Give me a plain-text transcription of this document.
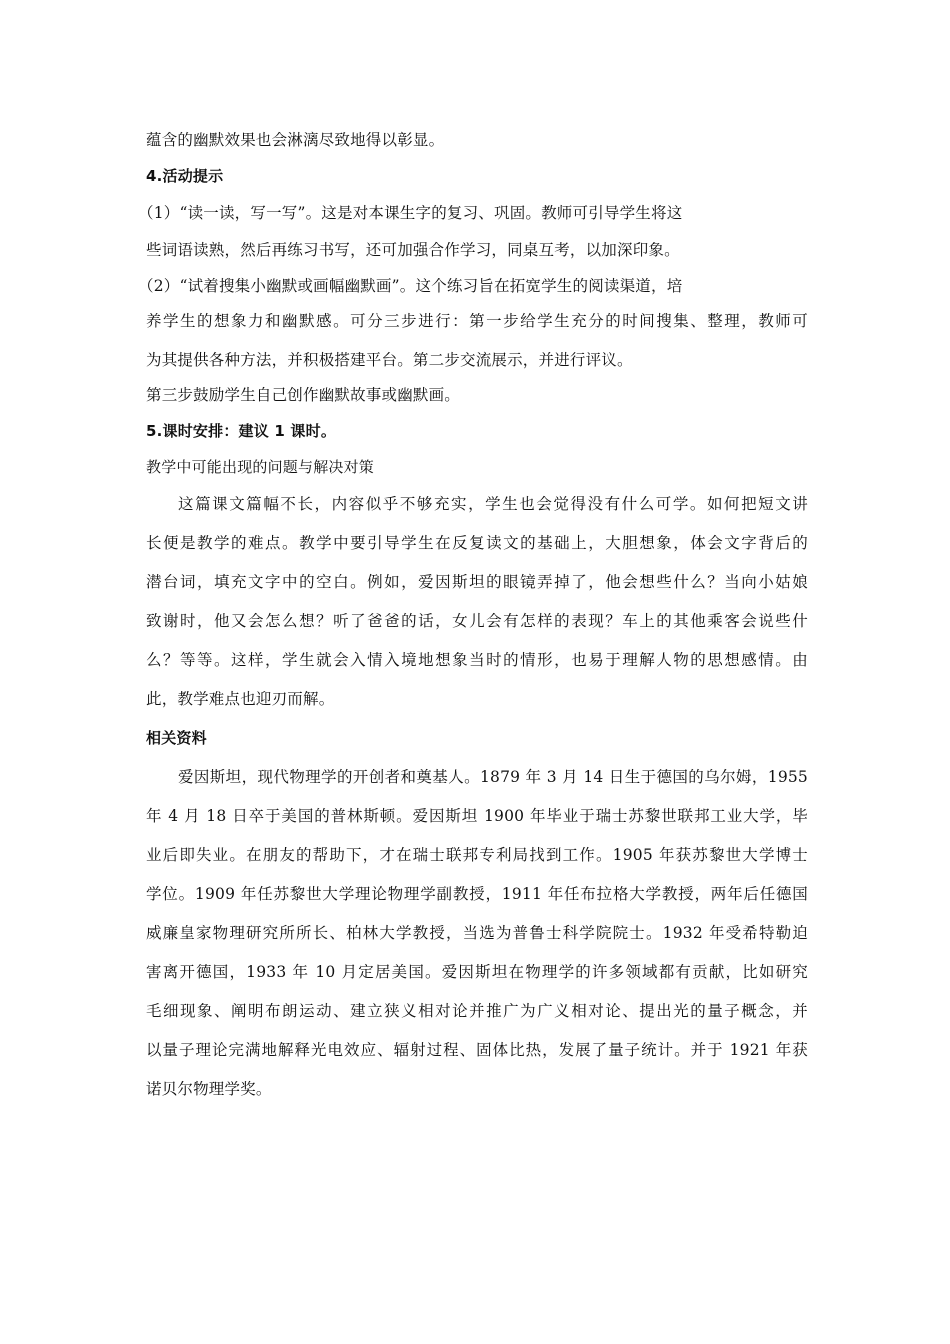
蕴含的幽默效果也会淋漓尽致地得以彰显。
4.活动提示
（1）“读一读，写一写”。这是对本课生字的复习、巩固。教师可引导学生将这
些词语读熟，然后再练习书写，还可加强合作学习，同桌互考，以加深印象。
（2）“试着搜集小幽默或画幅幽默画”。这个练习旨在拓宽学生的阅读渠道，培
养学生的想象力和幽默感。可分三步进行：第一步给学生充分的时间搜集、整理，教师可
为其提供各种方法，并积极搭建平台。第二步交流展示，并进行评议。
第三步鼓励学生自己创作幽默故事或幽默画。
5.课时安排：建议 1 课时。
教学中可能出现的问题与解决对策
这篇课文篇幅不长，内容似乎不够充实，学生也会觉得没有什么可学。如何把短文讲
长便是教学的难点。教学中要引导学生在反复读文的基础上，大胆想象，体会文字背后的
潜台词，填充文字中的空白。例如，爱因斯坦的眼镜弄掉了，他会想些什么？当向小姑娘
致谢时，他又会怎么想？听了爸爸的话，女儿会有怎样的表现？车上的其他乘客会说些什
么？等等。这样，学生就会入情入境地想象当时的情形，也易于理解人物的思想感情。由
此，教学难点也迎刃而解。
相关资料
爱因斯坦，现代物理学的开创者和奠基人。1879 年 3 月 14 日生于德国的乌尔姆，1955
年 4 月 18 日卒于美国的普林斯顿。爱因斯坦 1900 年毕业于瑞士苏黎世联邦工业大学，毕
业后即失业。在朋友的帮助下，才在瑞士联邦专利局找到工作。1905 年获苏黎世大学博士
学位。1909 年任苏黎世大学理论物理学副教授，1911 年任布拉格大学教授，两年后任德国
威廉皇家物理研究所所长、柏林大学教授，当选为普鲁士科学院院士。1932 年受希特勒迫
害离开德国，1933 年 10 月定居美国。爱因斯坦在物理学的许多领域都有贡献，比如研究
毛细现象、阐明布朗运动、建立狭义相对论并推广为广义相对论、提出光的量子概念，并
以量子理论完满地解释光电效应、辐射过程、固体比热，发展了量子统计。并于 1921 年获
诺贝尔物理学奖。
